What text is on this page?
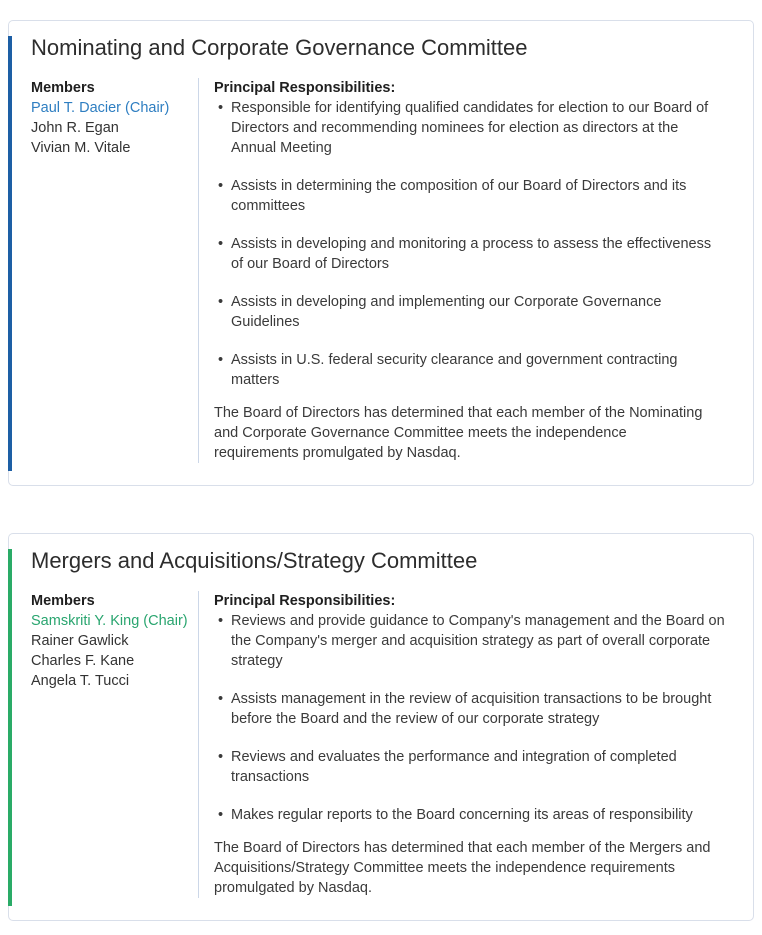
Nominating and Corporate Governance Committee

Members

Paul T. Dacier (Chair)
John R. Egan
Vivian M. Vitale

Principal Responsibilities:

• Responsible for identifying qualified candidates for election to our Board of Directors and recommending nominees for election as directors at the Annual Meeting
• Assists in determining the composition of our Board of Directors and its committees
• Assists in developing and monitoring a process to assess the effectiveness of our Board of Directors
• Assists in developing and implementing our Corporate Governance Guidelines
• Assists in U.S. federal security clearance and government contracting matters

The Board of Directors has determined that each member of the Nominating and Corporate Governance Committee meets the independence requirements promulgated by Nasdaq.

Mergers and Acquisitions/Strategy Committee

Members

Samskriti Y. King (Chair)
Rainer Gawlick
Charles F. Kane
Angela T. Tucci

Principal Responsibilities:

• Reviews and provide guidance to Company's management and the Board on the Company's merger and acquisition strategy as part of overall corporate strategy
• Assists management in the review of acquisition transactions to be brought before the Board and the review of our corporate strategy
• Reviews and evaluates the performance and integration of completed transactions
• Makes regular reports to the Board concerning its areas of responsibility

The Board of Directors has determined that each member of the Mergers and Acquisitions/Strategy Committee meets the independence requirements promulgated by Nasdaq.
